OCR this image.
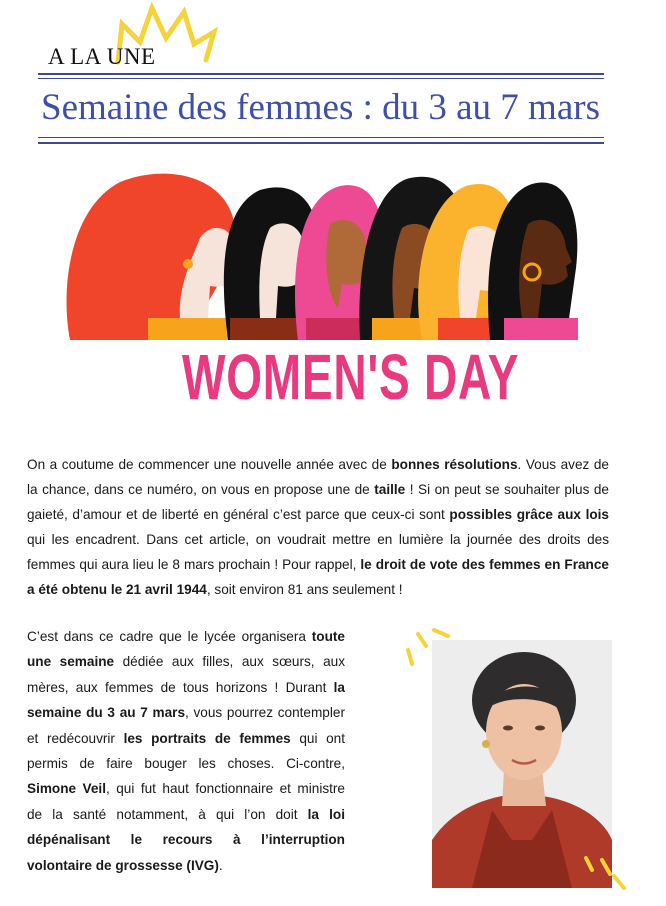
A LA UNE
Semaine des femmes : du 3 au 7 mars
WOMEN'S DAY
On a coutume de commencer une nouvelle année avec de bonnes résolutions. Vous avez de la chance, dans ce numéro, on vous en propose une de taille ! Si on peut se souhaiter plus de gaieté, d’amour et de liberté en général c’est parce que ceux-ci sont possibles grâce aux lois qui les encadrent. Dans cet article, on voudrait mettre en lumière la journée des droits des femmes qui aura lieu le 8 mars prochain ! Pour rappel, le droit de vote des femmes en France a été obtenu le 21 avril 1944, soit environ 81 ans seulement !
C’est dans ce cadre que le lycée organisera toute une semaine dédiée aux filles, aux sœurs, aux mères, aux femmes de tous horizons ! Durant la semaine du 3 au 7 mars, vous pourrez contempler et redécouvrir les portraits de femmes qui ont permis de faire bouger les choses. Ci-contre, Simone Veil, qui fut haut fonctionnaire et ministre de la santé notamment, à qui l’on doit la loi dépénalisant le recours à l’interruption volontaire de grossesse (IVG).
